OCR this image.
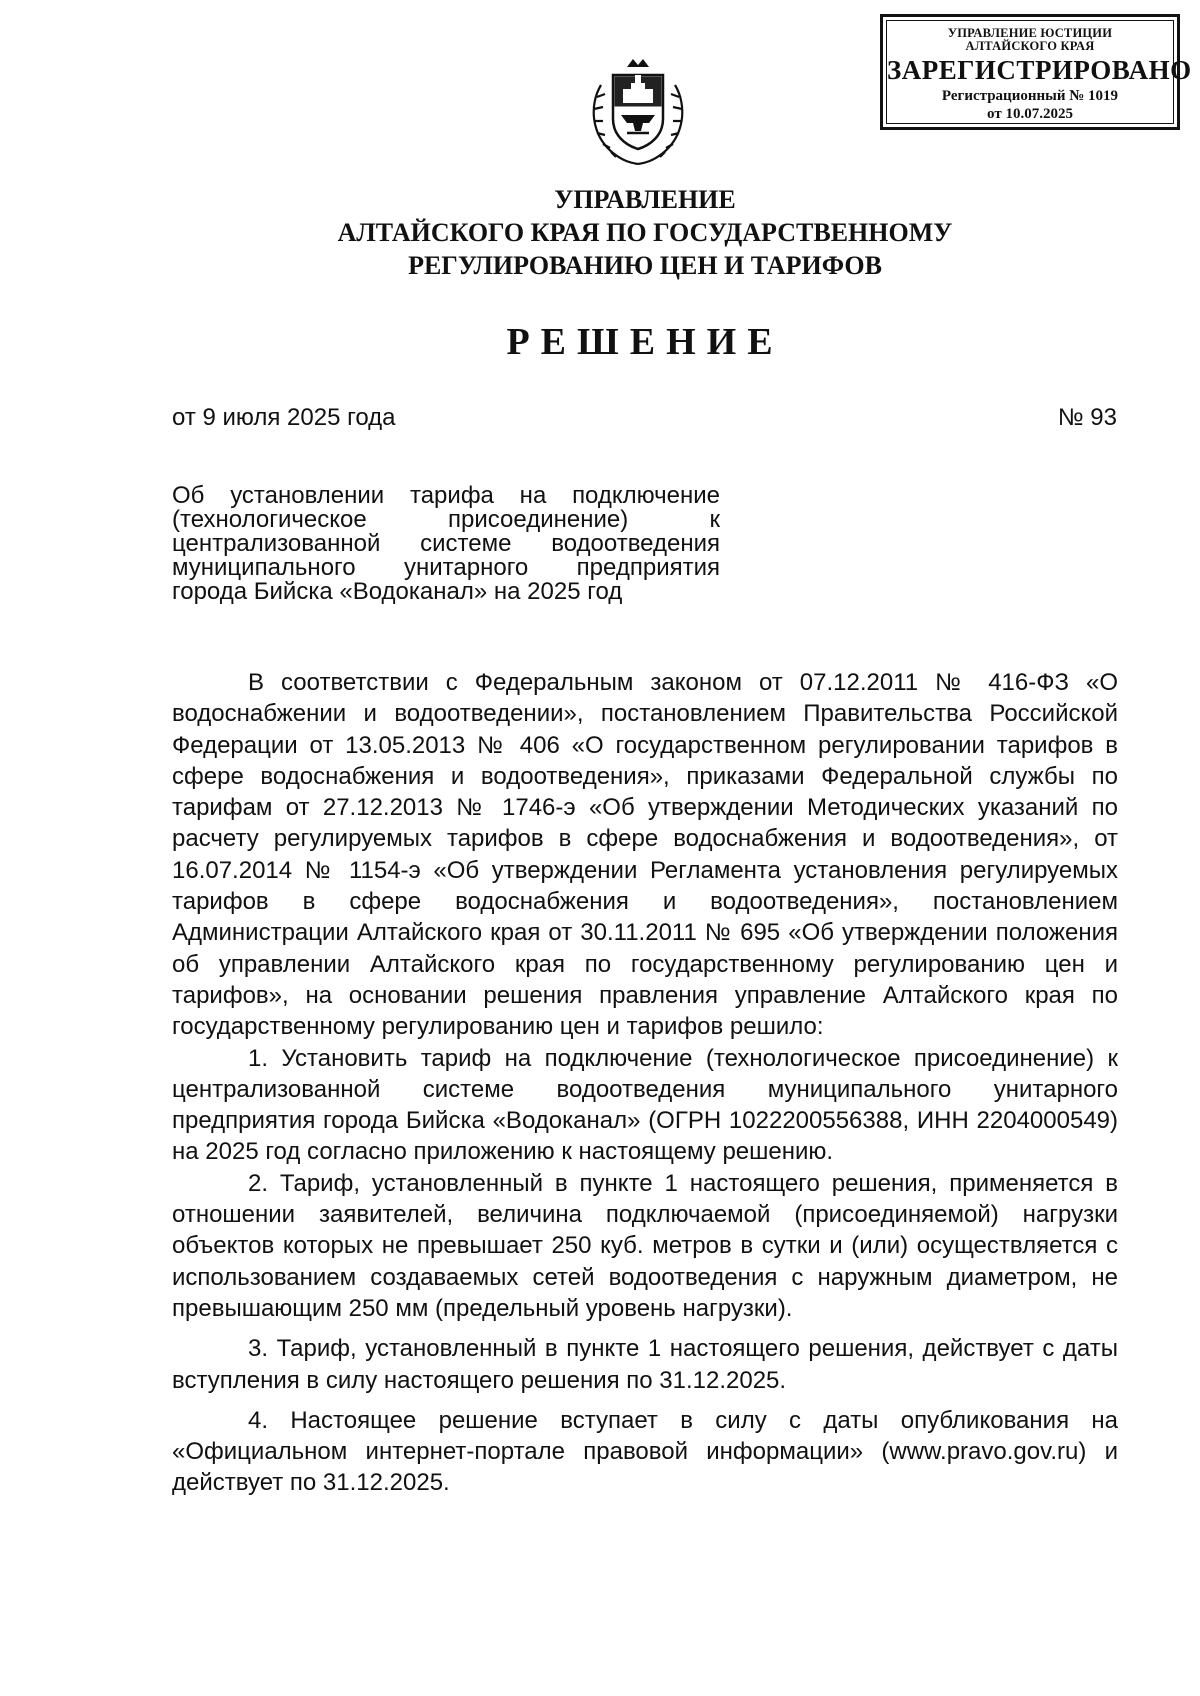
УПРАВЛЕНИЕ ЮСТИЦИИ
АЛТАЙСКОГО КРАЯ
ЗАРЕГИСТРИРОВАНО
Регистрационный № 1019
от 10.07.2025
УПРАВЛЕНИЕ
АЛТАЙСКОГО КРАЯ ПО ГОСУДАРСТВЕННОМУ
РЕГУЛИРОВАНИЮ ЦЕН И ТАРИФОВ
РЕШЕНИЕ
от 9 июля 2025 года	№ 93
Об установлении тарифа на подключение
(технологическое присоединение) к
централизованной системе водоотведения
муниципального унитарного предприятия
города Бийска «Водоканал» на 2025 год

В соответствии с Федеральным законом от 07.12.2011 № 416-ФЗ «О водоснабжении и водоотведении», постановлением Правительства Российской Федерации от 13.05.2013 № 406 «О государственном регулировании тарифов в сфере водоснабжения и водоотведения», приказами Федеральной службы по тарифам от 27.12.2013 № 1746-э «Об утверждении Методических указаний по расчету регулируемых тарифов в сфере водоснабжения и водоотведения», от 16.07.2014 № 1154-э «Об утверждении Регламента установления регулируемых тарифов в сфере водоснабжения и водоотведения», постановлением Администрации Алтайского края от 30.11.2011 № 695 «Об утверждении положения об управлении Алтайского края по государственному регулированию цен и тарифов», на основании решения правления управление Алтайского края по государственному регулированию цен и тарифов решило:

1. Установить тариф на подключение (технологическое присоединение) к централизованной системе водоотведения муниципального унитарного предприятия города Бийска «Водоканал» (ОГРН 1022200556388, ИНН 2204000549) на 2025 год согласно приложению к настоящему решению.

2. Тариф, установленный в пункте 1 настоящего решения, применяется в отношении заявителей, величина подключаемой (присоединяемой) нагрузки объектов которых не превышает 250 куб. метров в сутки и (или) осуществляется с использованием создаваемых сетей водоотведения с наружным диаметром, не превышающим 250 мм (предельный уровень нагрузки).

3. Тариф, установленный в пункте 1 настоящего решения, действует с даты вступления в силу настоящего решения по 31.12.2025.

4. Настоящее решение вступает в силу с даты опубликования на «Официальном интернет-портале правовой информации» (www.pravo.gov.ru) и действует по 31.12.2025.
